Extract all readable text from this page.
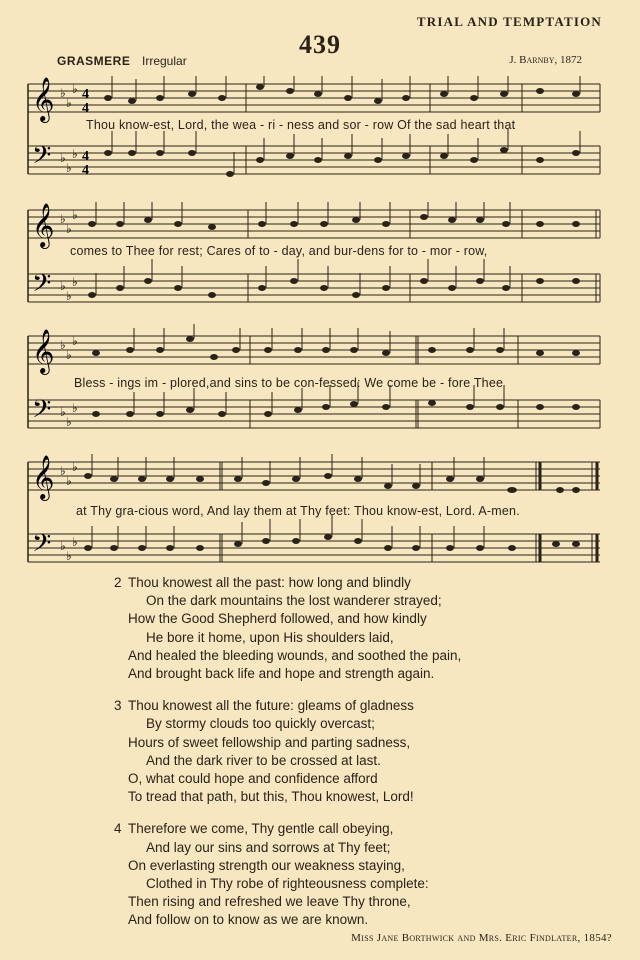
TRIAL AND TEMPTATION
439
GRASMERE Irregular	J. Barnby, 1872
𝄞
𝄢
♭
♭
♭
♭
♭
♭
4
4
4
4
Thou know-est, Lord, the wea - ri - ness and sor - row Of the sad heart that
𝄞
𝄢
♭
♭
♭
♭
♭
♭
comes to Thee for rest; Cares of to - day, and bur-dens for to - mor - row,
𝄞
𝄢
♭
♭
♭
♭
♭
♭
Bless - ings im - plored,and sins to be con-fessed: We come be - fore Thee
𝄞
𝄢
♭
♭
♭
♭
♭
♭
at Thy gra-cious word, And lay them at Thy feet: Thou know-est, Lord. A-men.
2 Thou knowest all the past: how long and blindly
On the dark mountains the lost wanderer strayed;
How the Good Shepherd followed, and how kindly
He bore it home, upon His shoulders laid,
And healed the bleeding wounds, and soothed the pain,
And brought back life and hope and strength again.
3 Thou knowest all the future: gleams of gladness
By stormy clouds too quickly overcast;
Hours of sweet fellowship and parting sadness,
And the dark river to be crossed at last.
O, what could hope and confidence afford
To tread that path, but this, Thou knowest, Lord!
4 Therefore we come, Thy gentle call obeying,
And lay our sins and sorrows at Thy feet;
On everlasting strength our weakness staying,
Clothed in Thy robe of righteousness complete:
Then rising and refreshed we leave Thy throne,
And follow on to know as we are known.
Miss Jane Borthwick and Mrs. Eric Findlater, 1854?
